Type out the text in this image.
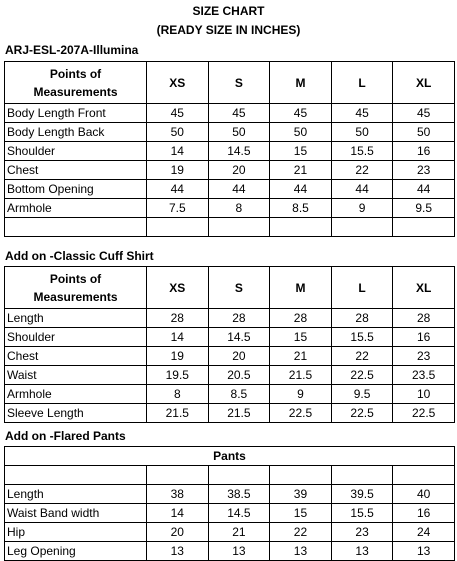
SIZE CHART
(READY SIZE IN INCHES)
ARJ-ESL-207A-Illumina
Points of
Measurements	XS	S	M	L	XL
Body Length Front	45	45	45	45	45
Body Length Back	50	50	50	50	50
Shoulder	14	14.5	15	15.5	16
Chest	19	20	21	22	23
Bottom Opening	44	44	44	44	44
Armhole	7.5	8	8.5	9	9.5

Add on -Classic Cuff Shirt
Points of
Measurements	XS	S	M	L	XL
Length	28	28	28	28	28
Shoulder	14	14.5	15	15.5	16
Chest	19	20	21	22	23
Waist	19.5	20.5	21.5	22.5	23.5
Armhole	8	8.5	9	9.5	10
Sleeve Length	21.5	21.5	22.5	22.5	22.5
Add on -Flared Pants
Pants					

Length	38	38.5	39	39.5	40
Waist Band width	14	14.5	15	15.5	16
Hip	20	21	22	23	24
Leg Opening	13	13	13	13	13
